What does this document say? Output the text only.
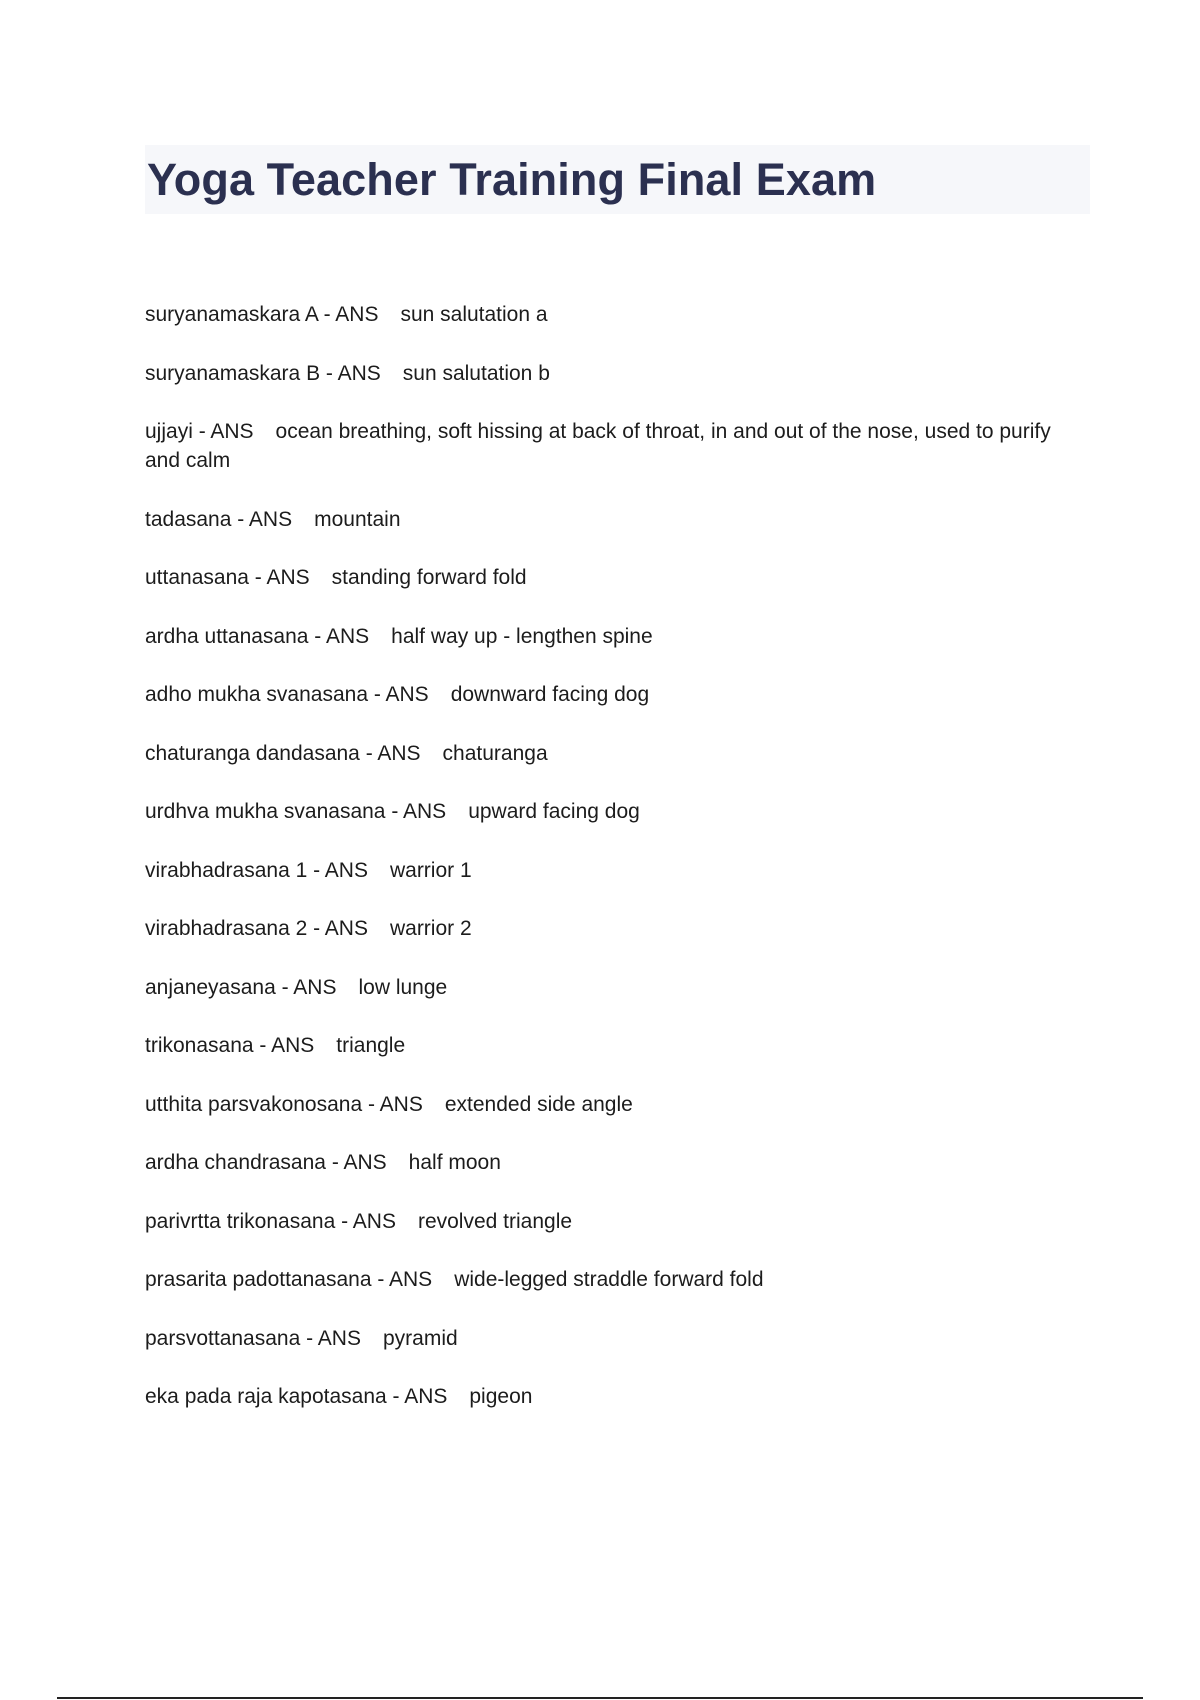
Yoga Teacher Training Final Exam
suryanamaskara A - ANS sun salutation a
suryanamaskara B - ANS sun salutation b
ujjayi - ANS ocean breathing, soft hissing at back of throat, in and out of the nose, used to purify and calm
tadasana - ANS mountain
uttanasana - ANS standing forward fold
ardha uttanasana - ANS half way up - lengthen spine
adho mukha svanasana - ANS downward facing dog
chaturanga dandasana - ANS chaturanga
urdhva mukha svanasana - ANS upward facing dog
virabhadrasana 1 - ANS warrior 1
virabhadrasana 2 - ANS warrior 2
anjaneyasana - ANS low lunge
trikonasana - ANS triangle
utthita parsvakonosana - ANS extended side angle
ardha chandrasana - ANS half moon
parivrtta trikonasana - ANS revolved triangle
prasarita padottanasana - ANS wide-legged straddle forward fold
parsvottanasana - ANS pyramid
eka pada raja kapotasana - ANS pigeon
